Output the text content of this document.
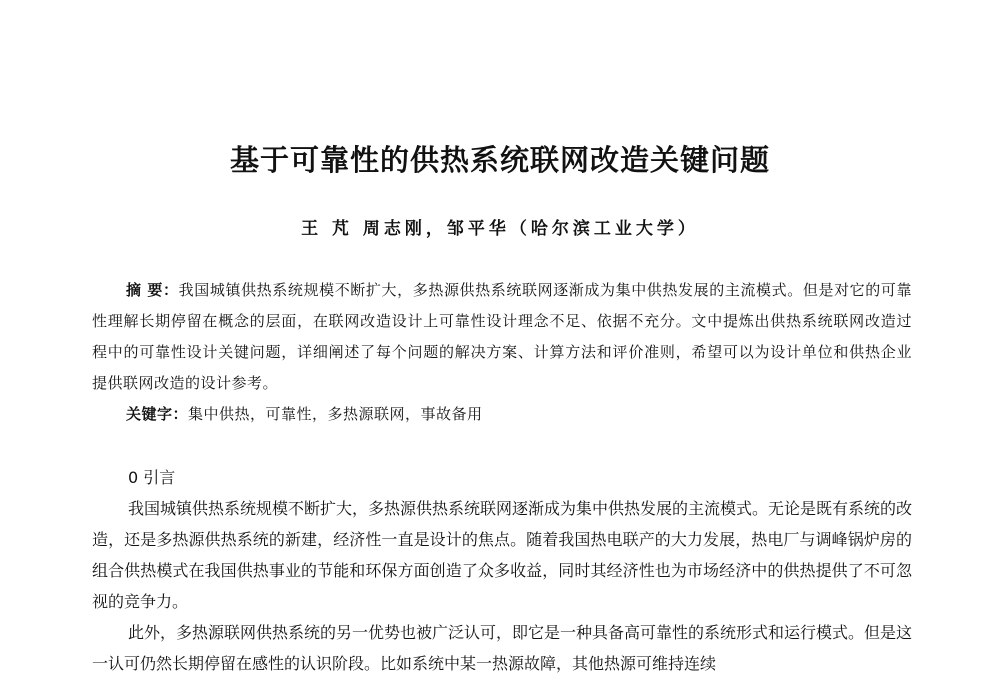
基于可靠性的供热系统联网改造关键问题
王 芃 周志刚，邹平华（哈尔滨工业大学）

摘 要：我国城镇供热系统规模不断扩大，多热源供热系统联网逐渐成为集中供热发展的主流模式。但是对它的可靠性理解长期停留在概念的层面，在联网改造设计上可靠性设计理念不足、依据不充分。文中提炼出供热系统联网改造过程中的可靠性设计关键问题，详细阐述了每个问题的解决方案、计算方法和评价准则，希望可以为设计单位和供热企业提供联网改造的设计参考。

关键字：集中供热，可靠性，多热源联网，事故备用

0 引言

我国城镇供热系统规模不断扩大，多热源供热系统联网逐渐成为集中供热发展的主流模式。无论是既有系统的改造，还是多热源供热系统的新建，经济性一直是设计的焦点。随着我国热电联产的大力发展，热电厂与调峰锅炉房的组合供热模式在我国供热事业的节能和环保方面创造了众多收益，同时其经济性也为市场经济中的供热提供了不可忽视的竞争力。

此外，多热源联网供热系统的另一优势也被广泛认可，即它是一种具备高可靠性的系统形式和运行模式。但是这一认可仍然长期停留在感性的认识阶段。比如系统中某一热源故障，其他热源可维持连续
